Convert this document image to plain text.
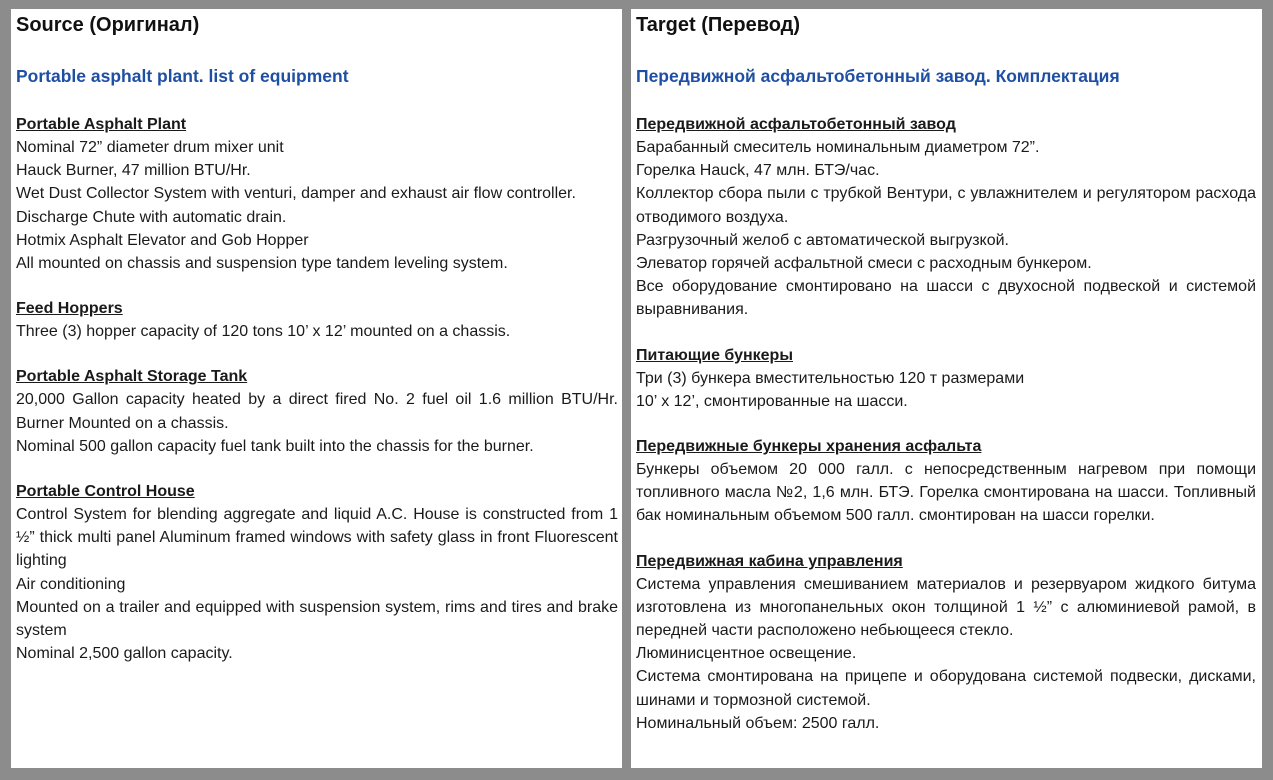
Source (Оригинал)
Portable asphalt plant. list of equipment

Portable Asphalt Plant

Nominal 72” diameter drum mixer unit

Hauck Burner, 47 million BTU/Hr.

Wet Dust Collector System with venturi, damper and exhaust air flow controller.

Discharge Chute with automatic drain.

Hotmix Asphalt Elevator and Gob Hopper

All mounted on chassis and suspension type tandem leveling system.

Feed Hoppers

Three (3) hopper capacity of 120 tons 10’ x 12’ mounted on a chassis.

Portable Asphalt Storage Tank

20,000 Gallon capacity heated by a direct fired No. 2 fuel oil 1.6 million BTU/Hr. Burner Mounted on a chassis.

Nominal 500 gallon capacity fuel tank built into the chassis for the burner.

Portable Control House

Control System for blending aggregate and liquid A.C. House is constructed from 1 ½” thick multi panel Aluminum framed windows with safety glass in front Fluorescent lighting

Air conditioning

Mounted on a trailer and equipped with suspension system, rims and tires and brake system

Nominal 2,500 gallon capacity.

Target (Перевод)
Передвижной асфальтобетонный завод. Комплектация

Передвижной асфальтобетонный завод

Барабанный смеситель номинальным диаметром 72”.

Горелка Hauck, 47 млн. БТЭ/час.

Коллектор сбора пыли с трубкой Вентури, с увлажнителем и регулятором расхода отводимого воздуха.

Разгрузочный желоб с автоматической выгрузкой.

Элеватор горячей асфальтной смеси с расходным бункером.

Все оборудование смонтировано на шасси с двухосной подвеской и системой выравнивания.

Питающие бункеры

Три (3) бункера вместительностью 120 т размерами

10’ x 12’, смонтированные на шасси.

Передвижные бункеры хранения асфальта

Бункеры объемом 20 000 галл. с непосредственным нагревом при помощи топливного масла №2, 1,6 млн. БТЭ. Горелка смонтирована на шасси. Топливный бак номинальным объемом 500 галл. смонтирован на шасси горелки.

Передвижная кабина управления

Система управления смешиванием материалов и резервуаром жидкого битума изготовлена из многопанельных окон толщиной 1 ½” с алюминиевой рамой, в передней части расположено небьющееся стекло.

Люминисцентное освещение.

Система смонтирована на прицепе и оборудована системой подвески, дисками, шинами и тормозной системой.

Номинальный объем: 2500 галл.
